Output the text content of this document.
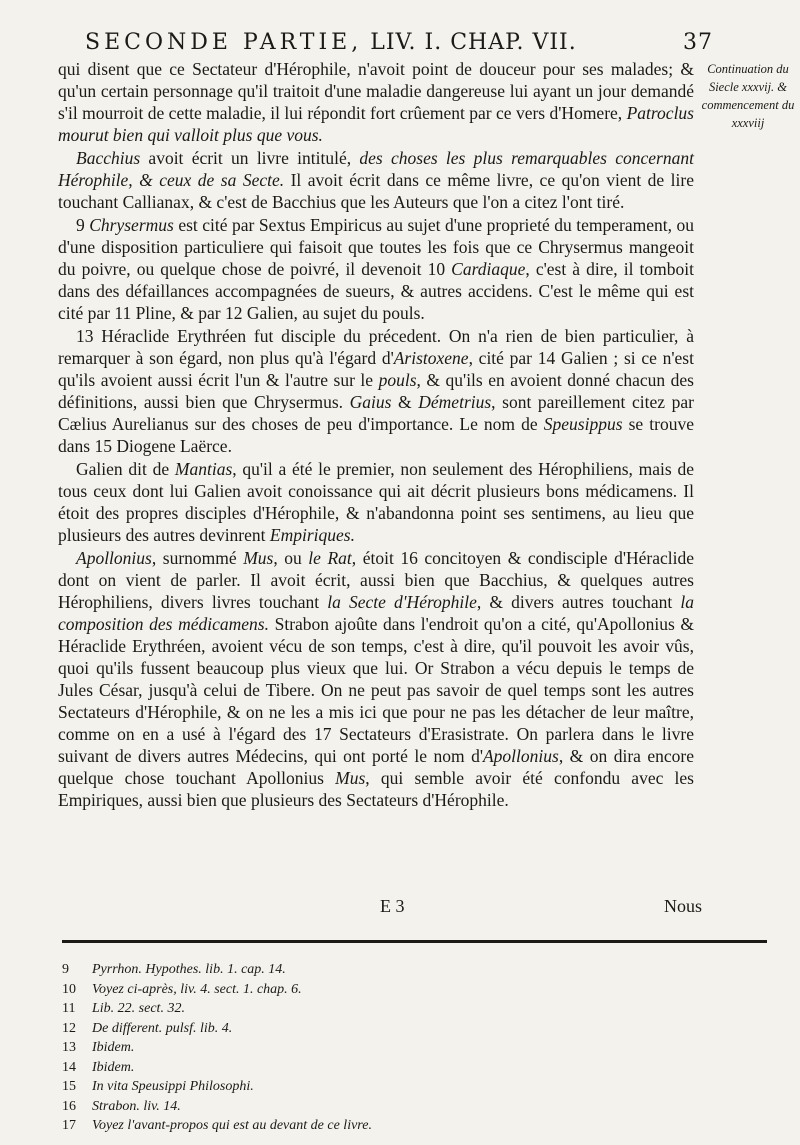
SECONDE PARTIE, LIV. I. CHAP. VII.	37

qui disent que ce Sectateur d'Hérophile, n'avoit point de douceur pour ses malades; & qu'un certain personnage qu'il traitoit d'une maladie dangereuse lui ayant un jour demandé s'il mourroit de cette maladie, il lui répondit fort crûement par ce vers d'Homere, Patroclus mourut bien qui valloit plus que vous.

Bacchius avoit écrit un livre intitulé, des choses les plus remarquables concernant Hérophile, & ceux de sa Secte. Il avoit écrit dans ce même livre, ce qu'on vient de lire touchant Callianax, & c'est de Bacchius que les Auteurs que l'on a citez l'ont tiré.

9 Chrysermus est cité par Sextus Empiricus au sujet d'une proprieté du temperament, ou d'une disposition particuliere qui faisoit que toutes les fois que ce Chrysermus mangeoit du poivre, ou quelque chose de poivré, il devenoit 10 Cardiaque, c'est à dire, il tomboit dans des défaillances accompagnées de sueurs, & autres accidens. C'est le même qui est cité par 11 Pline, & par 12 Galien, au sujet du pouls.

13 Héraclide Erythréen fut disciple du précedent. On n'a rien de bien particulier, à remarquer à son égard, non plus qu'à l'égard d'Aristoxene, cité par 14 Galien ; si ce n'est qu'ils avoient aussi écrit l'un & l'autre sur le pouls, & qu'ils en avoient donné chacun des définitions, aussi bien que Chrysermus. Gaius & Démetrius, sont pareillement citez par Cælius Aurelianus sur des choses de peu d'importance. Le nom de Speusippus se trouve dans 15 Diogene Laërce.

Galien dit de Mantias, qu'il a été le premier, non seulement des Hérophiliens, mais de tous ceux dont lui Galien avoit conoissance qui ait décrit plusieurs bons médicamens. Il étoit des propres disciples d'Hérophile, & n'abandonna point ses sentimens, au lieu que plusieurs des autres devinrent Empiriques.

Apollonius, surnommé Mus, ou le Rat, étoit 16 concitoyen & condisciple d'Héraclide dont on vient de parler. Il avoit écrit, aussi bien que Bacchius, & quelques autres Hérophiliens, divers livres touchant la Secte d'Hérophile, & divers autres touchant la composition des médicamens. Strabon ajoûte dans l'endroit qu'on a cité, qu'Apollonius & Héraclide Erythréen, avoient vécu de son temps, c'est à dire, qu'il pouvoit les avoir vûs, quoi qu'ils fussent beaucoup plus vieux que lui. Or Strabon a vécu depuis le temps de Jules César, jusqu'à celui de Tibere. On ne peut pas savoir de quel temps sont les autres Sectateurs d'Hérophile, & on ne les a mis ici que pour ne pas les détacher de leur maître, comme on en a usé à l'égard des 17 Sectateurs d'Erasistrate. On parlera dans le livre suivant de divers autres Médecins, qui ont porté le nom d'Apollonius, & on dira encore quelque chose touchant Apollonius Mus, qui semble avoir été confondu avec les Empiriques, aussi bien que plusieurs des Sectateurs d'Hérophile.

Continuation du Siecle xxxvij. & commencement du xxxviij
E 3	Nous
9 Pyrrhon. Hypothes. lib. 1. cap. 14.
10 Voyez ci-après, liv. 4. sect. 1. chap. 6.
11 Lib. 22. sect. 32.
12 De different. pulsf. lib. 4.
13 Ibidem.
14 Ibidem.
15 In vita Speusippi Philosophi.
16 Strabon. liv. 14.
17 Voyez l'avant-propos qui est au devant de ce livre.
